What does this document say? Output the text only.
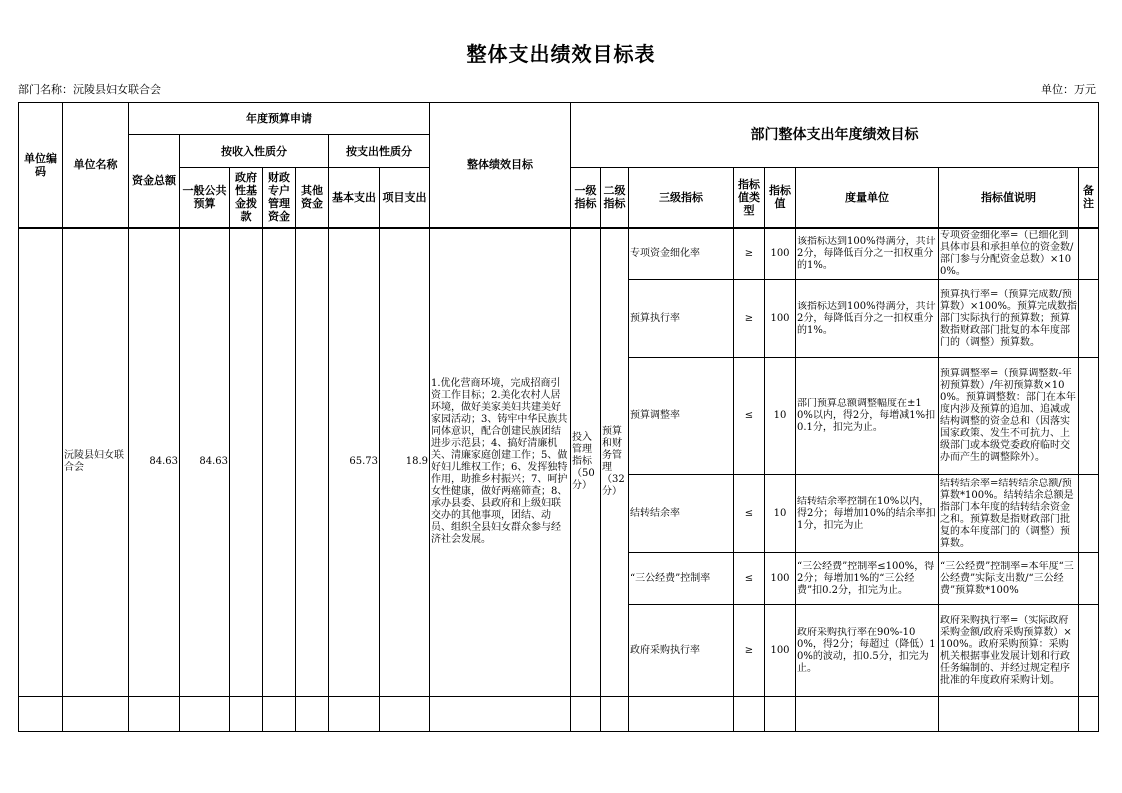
整体支出绩效目标表
部门名称：沅陵县妇女联合会	单位：万元
单位编码	单位名称	年度预算申请							整体绩效目标	部门整体支出年度绩效目标							
		资金总额	按收入性质分				按支出性质分										
			一般公共预算	政府性基金拨款	财政专户管理资金	其他资金	基本支出	项目支出		一级指标	二级指标	三级指标	指标值类型	指标值	度量单位	指标值说明	备注

	沅陵县妇女联合会	84.63	84.63				65.73	18.9	1.优化营商环境，完成招商引资工作目标；2.美化农村人居环境，做好美家美妇共建美好家园活动；3、铸牢中华民族共同体意识，配合创建民族团结进步示范县；4、搞好清廉机关、清廉家庭创建工作；5、做好妇儿维权工作；6、发挥独特作用，助推乡村振兴；7、呵护女性健康，做好两癌筛查；8、承办县委、县政府和上级妇联交办的其他事项，团结、动员、组织全县妇女群众参与经济社会发展。	投入管理指标（50分）	预算和财务管理（32分）	专项资金细化率	≥	100	该指标达到100%得满分，共计2分，每降低百分之一扣权重分的1%。	专项资金细化率=（已细化到具体市县和承担单位的资金数/部门参与分配资金总数）×100%。	

												预算执行率	≥	100	该指标达到100%得满分，共计2分，每降低百分之一扣权重分的1%。	预算执行率=（预算完成数/预算数）×100%。预算完成数指部门实际执行的预算数；预算数指财政部门批复的本年度部门的（调整）预算数。	

												预算调整率	≤	10	部门预算总额调整幅度在±10%以内，得2分，每增减1%扣0.1分，扣完为止。	预算调整率=（预算调整数-年初预算数）/年初预算数×100%。预算调整数：部门在本年度内涉及预算的追加、追减或结构调整的资金总和（因落实国家政策、发生不可抗力、上级部门或本级党委政府临时交办而产生的调整除外）。	

												结转结余率	≤	10	结转结余率控制在10%以内，得2分；每增加10%的结余率扣1分，扣完为止	结转结余率=结转结余总额/预算数*100%。结转结余总额是指部门本年度的结转结余资金之和。预算数是指财政部门批复的本年度部门的（调整）预算数。	

												“三公经费”控制率	≤	100	“三公经费”控制率≤100%，得2分；每增加1%的“三公经费”扣0.2分，扣完为止。	“三公经费”控制率=本年度“三公经费”实际支出数/“三公经费”预算数*100%	

												政府采购执行率	≥	100	政府采购执行率在90%-100%，得2分；每超过（降低）10%的波动，扣0.5分，扣完为止。	政府采购执行率=（实际政府采购金额/政府采购预算数）×100%。政府采购预算：采购机关根据事业发展计划和行政任务编制的、并经过规定程序批准的年度政府采购计划。	
